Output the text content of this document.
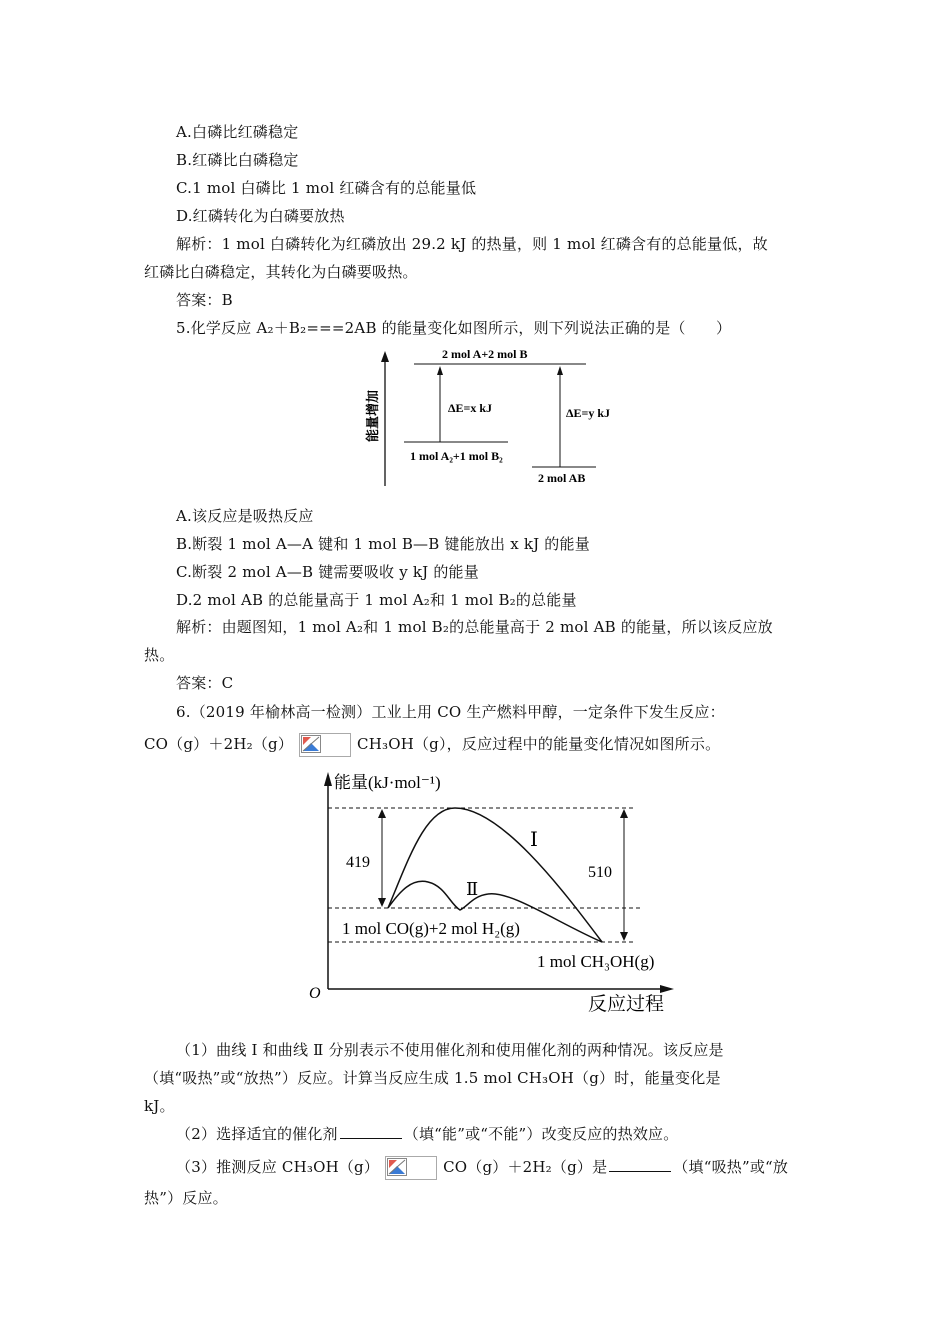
A.白磷比红磷稳定
B.红磷比白磷稳定
C.1 mol 白磷比 1 mol 红磷含有的总能量低
D.红磷转化为白磷要放热
解析：1 mol 白磷转化为红磷放出 29.2 kJ 的热量，则 1 mol 红磷含有的总能量低，故
红磷比白磷稳定，其转化为白磷要吸热。
答案：B
5.化学反应 A₂＋B₂===2AB 的能量变化如图所示，则下列说法正确的是（　　）
能量增加
2 mol A+2 mol B
1 mol A₂+1 mol B₂
2 mol AB
ΔE=x kJ	ΔE=y kJ
A.该反应是吸热反应
B.断裂 1 mol A—A 键和 1 mol B—B 键能放出 x kJ 的能量
C.断裂 2 mol A—B 键需要吸收 y kJ 的能量
D.2 mol AB 的总能量高于 1 mol A₂和 1 mol B₂的总能量
解析：由题图知，1 mol A₂和 1 mol B₂的总能量高于 2 mol AB 的能量，所以该反应放
热。
答案：C
6.（2019 年榆林高一检测）工业上用 CO 生产燃料甲醇，一定条件下发生反应：
CO（g）＋2H₂（g）	CH₃OH（g），反应过程中的能量变化情况如图所示。
能量(kJ·mol⁻¹)
反应过程
O
Ⅰ
Ⅱ
419
510
1 mol CO(g)+2 mol H₂(g)
1 mol CH₃OH(g)
（1）曲线 Ⅰ 和曲线 Ⅱ 分别表示不使用催化剂和使用催化剂的两种情况。该反应是
（填“吸热”或“放热”）反应。计算当反应生成 1.5 mol CH₃OH（g）时，能量变化是
kJ。
（2）选择适宜的催化剂	（填“能”或“不能”）改变反应的热效应。
（3）推测反应 CH₃OH（g）	CO（g）＋2H₂（g）是	（填“吸热”或“放
热”）反应。
